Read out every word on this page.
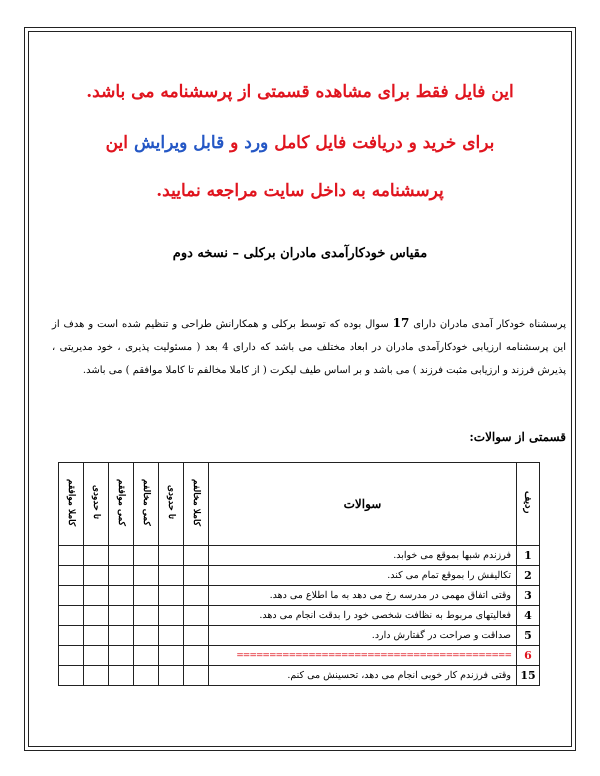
این فایل فقط برای مشاهده قسمتی از پرسشنامه می باشد.
برای خرید و دریافت فایل کامل ورد و قابل ویرایش این
پرسشنامه به داخل سایت مراجعه نمایید.
مقیاس خودکارآمدی مادران برکلی – نسخه دوم
پرسشناه خودکار آمدی مادران دارای 17 سوال بوده که توسط برکلی و همکارانش طراحی و تنظیم شده است و هدف از این پرسشنامه ارزیابی خودکارآمدی مادران در ابعاد مختلف می باشد که دارای 4 بعد ( مسئولیت پذیری ، خود مدیریتی ، پذیرش فرزند و ارزیابی مثبت فرزند ) می باشد و بر اساس طیف لیکرت ( از کاملا مخالفم تا کاملا موافقم ) می باشد.
قسمتی از سوالات:
ردیف	سوالات	کاملا مخالفم	تا حدودی	کمی مخالفم	کمی موافقم	تا حدودی	کاملا موافقم
1	فرزندم شبها بموقع می خوابد.						
2	تکالیفش را بموقع تمام می کند.						
3	وقتی اتفاق مهمی در مدرسه رخ می دهد به ما اطلاع می دهد.						
4	فعالیتهای مربوط به نظافت شخصی خود را بدقت انجام می دهد.						
5	صداقت و صراحت در گفتارش دارد.						
6	==========================================						
15	وقتی فرزندم کار خوبی انجام می دهد، تحسینش می کنم.						
